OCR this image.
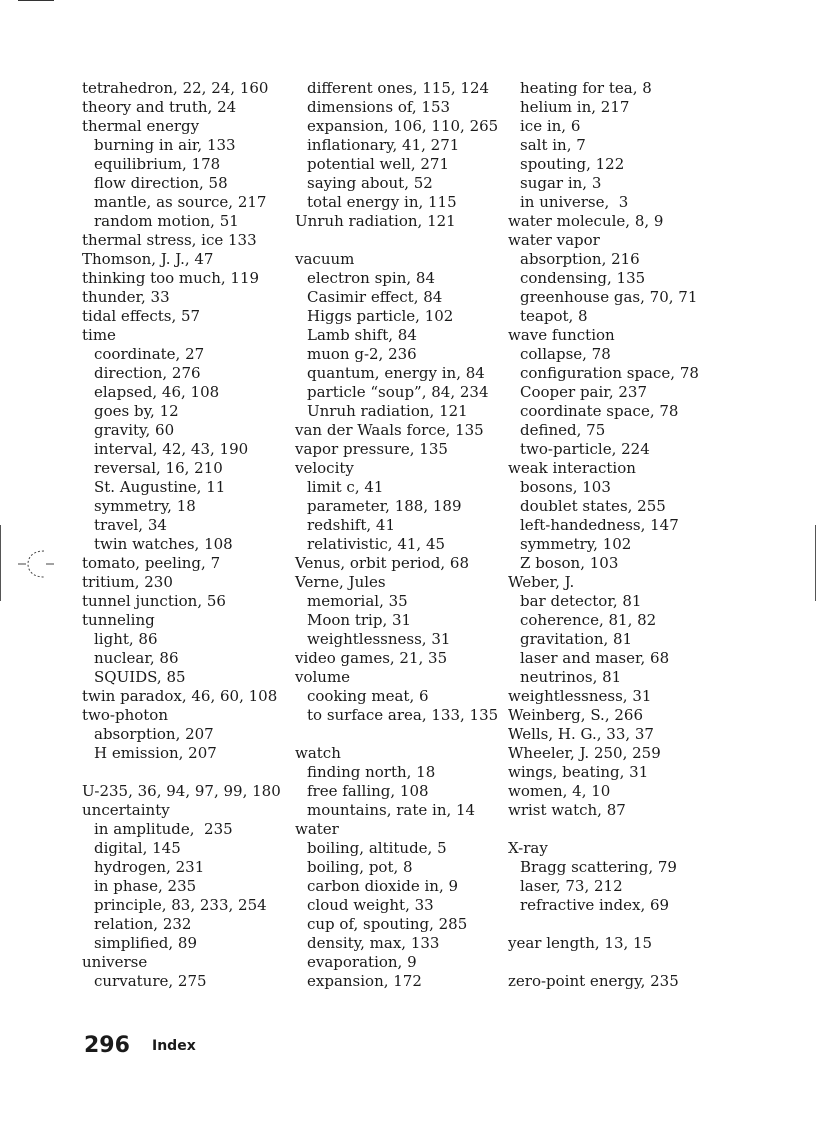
tetrahedron, 22, 24, 160
theory and truth, 24
thermal energy
burning in air, 133
equilibrium, 178
flow direction, 58
mantle, as source, 217
random motion, 51
thermal stress, ice 133
Thomson, J. J., 47
thinking too much, 119
thunder, 33
tidal effects, 57
time
coordinate, 27
direction, 276
elapsed, 46, 108
goes by, 12
gravity, 60
interval, 42, 43, 190
reversal, 16, 210
St. Augustine, 11
symmetry, 18
travel, 34
twin watches, 108
tomato, peeling, 7
tritium, 230
tunnel junction, 56
tunneling
light, 86
nuclear, 86
SQUIDS, 85
twin paradox, 46, 60, 108
two-photon
absorption, 207
H emission, 207
U-235, 36, 94, 97, 99, 180
uncertainty
in amplitude,  235
digital, 145
hydrogen, 231
in phase, 235
principle, 83, 233, 254
relation, 232
simplified, 89
universe
curvature, 275
different ones, 115, 124
dimensions of, 153
expansion, 106, 110, 265
inflationary, 41, 271
potential well, 271
saying about, 52
total energy in, 115
Unruh radiation, 121
vacuum
electron spin, 84
Casimir effect, 84
Higgs particle, 102
Lamb shift, 84
muon g-2, 236
quantum, energy in, 84
particle “soup”, 84, 234
Unruh radiation, 121
van der Waals force, 135
vapor pressure, 135
velocity
limit c, 41
parameter, 188, 189
redshift, 41
relativistic, 41, 45
Venus, orbit period, 68
Verne, Jules
memorial, 35
Moon trip, 31
weightlessness, 31
video games, 21, 35
volume
cooking meat, 6
to surface area, 133, 135
watch
finding north, 18
free falling, 108
mountains, rate in, 14
water
boiling, altitude, 5
boiling, pot, 8
carbon dioxide in, 9
cloud weight, 33
cup of, spouting, 285
density, max, 133
evaporation, 9
expansion, 172
heating for tea, 8
helium in, 217
ice in, 6
salt in, 7
spouting, 122
sugar in, 3
in universe,  3
water molecule, 8, 9
water vapor
absorption, 216
condensing, 135
greenhouse gas, 70, 71
teapot, 8
wave function
collapse, 78
configuration space, 78
Cooper pair, 237
coordinate space, 78
defined, 75
two-particle, 224
weak interaction
bosons, 103
doublet states, 255
left-handedness, 147
symmetry, 102
Z boson, 103
Weber, J.
bar detector, 81
coherence, 81, 82
gravitation, 81
laser and maser, 68
neutrinos, 81
weightlessness, 31
Weinberg, S., 266
Wells, H. G., 33, 37
Wheeler, J. 250, 259
wings, beating, 31
women, 4, 10
wrist watch, 87
X-ray
Bragg scattering, 79
laser, 73, 212
refractive index, 69
year length, 13, 15
zero-point energy, 235
296 Index
